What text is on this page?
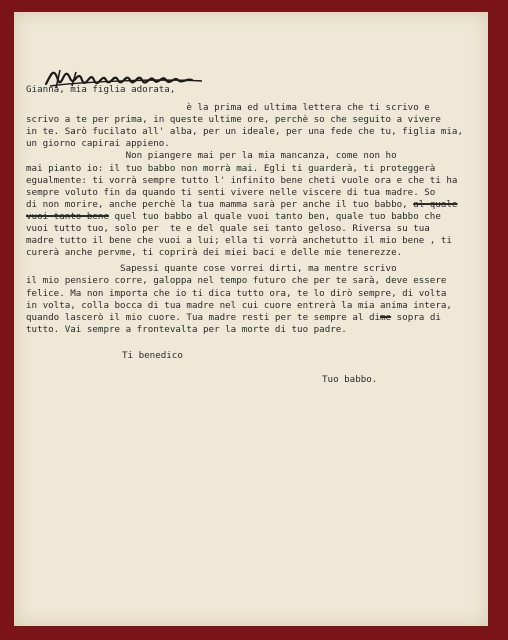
Gianna, mia figlia adorata,
è la prima ed ultima lettera che ti scrivo e
scrivo a te per prima, in queste ultime ore, perchè so che seguito a vivere
in te. Sarò fucilato all' alba, per un ideale, per una fede che tu, figlia mia,
un giorno capirai appieno.
Non piangere mai per la mia mancanza, come non ho
mai pianto io: il tuo babbo non morrà mai. Egli ti guarderà, ti proteggerà
egualmente: ti vorrà sempre tutto l' infinito bene cheti vuole ora e che ti ha
sempre voluto fin da quando ti senti vivere nelle viscere di tua madre. So
di non morire, anche perchè la tua mamma sarà per anche il tuo babbo, al quale
vuoi tanto bene quel tuo babbo al quale vuoi tanto ben, quale tuo babbo che
vuoi tutto tuo, solo per  te e del quale sei tanto geloso. Riversa su tua
madre tutto il bene che vuoi a lui; ella ti vorrà anchetutto il mio bene , ti
curerà anche pervme, ti coprirà dei miei baci e delle mie tenerezze.
Sapessi quante cose vorrei dirti, ma mentre scrivo
il mio pensiero corre, galoppa nel tempo futuro che per te sarà, deve essere
felice. Ma non importa che io ti dica tutto ora, te lo dirò sempre, di volta
in volta, colla bocca di tua madre nel cui cuore entrerà la mia anima intera,
quando lascerò il mio cuore. Tua madre resti per te sempre al dime sopra di
tutto. Vai sempre a frontevalta per la morte di tuo padre.
Ti benedico
Tuo babbo.
